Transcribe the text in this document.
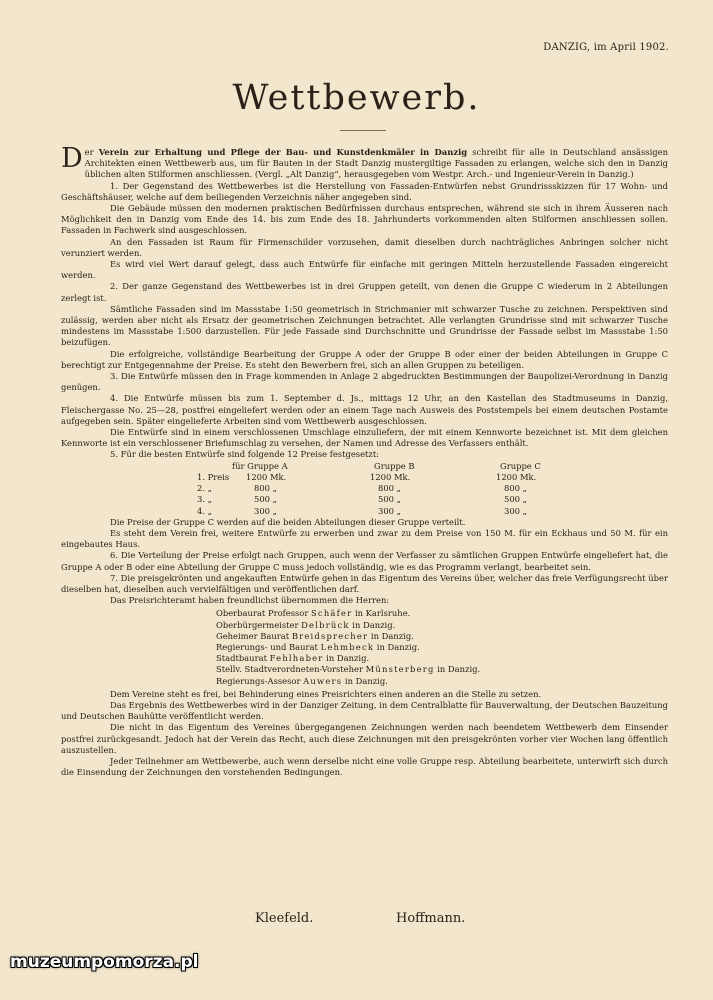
DANZIG, im April 1902.
Wettbewerb.

Der Verein zur Erhaltung und Pflege der Bau- und Kunstdenkmäler in Danzig schreibt für alle in Deutschland ansässigen Architekten einen Wettbewerb aus, um für Bauten in der Stadt Danzig mustergiltige Fassaden zu erlangen, welche sich den in Danzig üblichen alten Stilformen anschliessen. (Vergl. „Alt Danzig“, herausgegeben vom Westpr. Arch.- und Ingenieur-Verein in Danzig.)

1. Der Gegenstand des Wettbewerbes ist die Herstellung von Fassaden-Entwürfen nebst Grundrissskizzen für 17 Wohn- und Geschäftshäuser, welche auf dem beiliegenden Verzeichnis näher angegeben sind.

Die Gebäude müssen den modernen praktischen Bedürfnissen durchaus entsprechen, während sie sich in ihrem Äusseren nach Möglichkeit den in Danzig vom Ende des 14. bis zum Ende des 18. Jahrhunderts vorkommenden alten Stilformen anschliessen sollen. Fassaden in Fachwerk sind ausgeschlossen.

An den Fassaden ist Raum für Firmenschilder vorzusehen, damit dieselben durch nachträgliches Anbringen solcher nicht verunziert werden.

Es wird viel Wert darauf gelegt, dass auch Entwürfe für einfache mit geringen Mitteln herzustellende Fassaden eingereicht werden.

2. Der ganze Gegenstand des Wettbewerbes ist in drei Gruppen geteilt, von denen die Gruppe C wiederum in 2 Abteilungen zerlegt ist.

Sämtliche Fassaden sind im Massstabe 1:50 geometrisch in Strichmanier mit schwarzer Tusche zu zeichnen. Perspektiven sind zulässig, werden aber nicht als Ersatz der geometrischen Zeichnungen betrachtet. Alle verlangten Grundrisse sind mit schwarzer Tusche mindestens im Massstabe 1:500 darzustellen. Für jede Fassade sind Durchschnitte und Grundrisse der Fassade selbst im Massstabe 1:50 beizufügen.

Die erfolgreiche, vollständige Bearbeitung der Gruppe A oder der Gruppe B oder einer der beiden Abteilungen in Gruppe C berechtigt zur Entgegennahme der Preise. Es steht den Bewerbern frei, sich an allen Gruppen zu beteiligen.

3. Die Entwürfe müssen den in Frage kommenden in Anlage 2 abgedruckten Bestimmungen der Baupolizei-Verordnung in Danzig genügen.

4. Die Entwürfe müssen bis zum 1. September d. Js., mittags 12 Uhr, an den Kastellan des Stadtmuseums in Danzig, Fleischergasse No. 25—28, postfrei eingeliefert werden oder an einem Tage nach Ausweis des Poststempels bei einem deutschen Postamte aufgegeben sein. Später eingelieferte Arbeiten sind vom Wettbewerb ausgeschlossen.

Die Entwürfe sind in einem verschlossenen Umschlage einzuliefern, der mit einem Kennworte bezeichnet ist. Mit dem gleichen Kennworte ist ein verschlossener Briefumschlag zu versehen, der Namen und Adresse des Verfassers enthält.

5. Für die besten Entwürfe sind folgende 12 Preise festgesetzt:

	für Gruppe A	Gruppe B	Gruppe C
1. Preis	1200 Mk.	1200 Mk.	1200 Mk.
2. „	800 „	800 „	800 „
3. „	500 „	500 „	500 „
4. „	300 „	300 „	300 „

Die Preise der Gruppe C werden auf die beiden Abteilungen dieser Gruppe verteilt.

Es steht dem Verein frei, weitere Entwürfe zu erwerben und zwar zu dem Preise von 150 M. für ein Eckhaus und 50 M. für ein eingebautes Haus.

6. Die Verteilung der Preise erfolgt nach Gruppen, auch wenn der Verfasser zu sämtlichen Gruppen Entwürfe eingeliefert hat, die Gruppe A oder B oder eine Abteilung der Gruppe C muss jedoch vollständig, wie es das Programm verlangt, bearbeitet sein.

7. Die preisgekrönten und angekauften Entwürfe gehen in das Eigentum des Vereins über, welcher das freie Verfügungsrecht über dieselben hat, dieselben auch vervielfältigen und veröffentlichen darf.

Das Preisrichteramt haben freundlichst übernommen die Herren:

Oberbaurat Professor Schäfer in Karlsruhe.

Oberbürgermeister Delbrück in Danzig.

Geheimer Baurat Breidsprecher in Danzig.

Regierungs- und Baurat Lehmbeck in Danzig.

Stadtbaurat Fehlhaber in Danzig.

Stellv. Stadtverordneten-Vorsteher Münsterberg in Danzig.

Regierungs-Assesor Auwers in Danzig.

Dem Vereine steht es frei, bei Behinderung eines Preisrichters einen anderen an die Stelle zu setzen.

Das Ergebnis des Wettbewerbes wird in der Danziger Zeitung, in dem Centralblatte für Bauverwaltung, der Deutschen Bauzeitung und Deutschen Bauhütte veröffentlicht werden.

Die nicht in das Eigentum des Vereines übergegangenen Zeichnungen werden nach beendetem Wettbewerb dem Einsender postfrei zurückgesandt. Jedoch hat der Verein das Recht, auch diese Zeichnungen mit den preisgekrönten vorher vier Wochen lang öffentlich auszustellen.

Jeder Teilnehmer am Wettbewerbe, auch wenn derselbe nicht eine volle Gruppe resp. Abteilung bearbeitete, unterwirft sich durch die Einsendung der Zeichnungen den vorstehenden Bedingungen.

Kleefeld.	Hoffmann.
muzeumpomorza.pl
